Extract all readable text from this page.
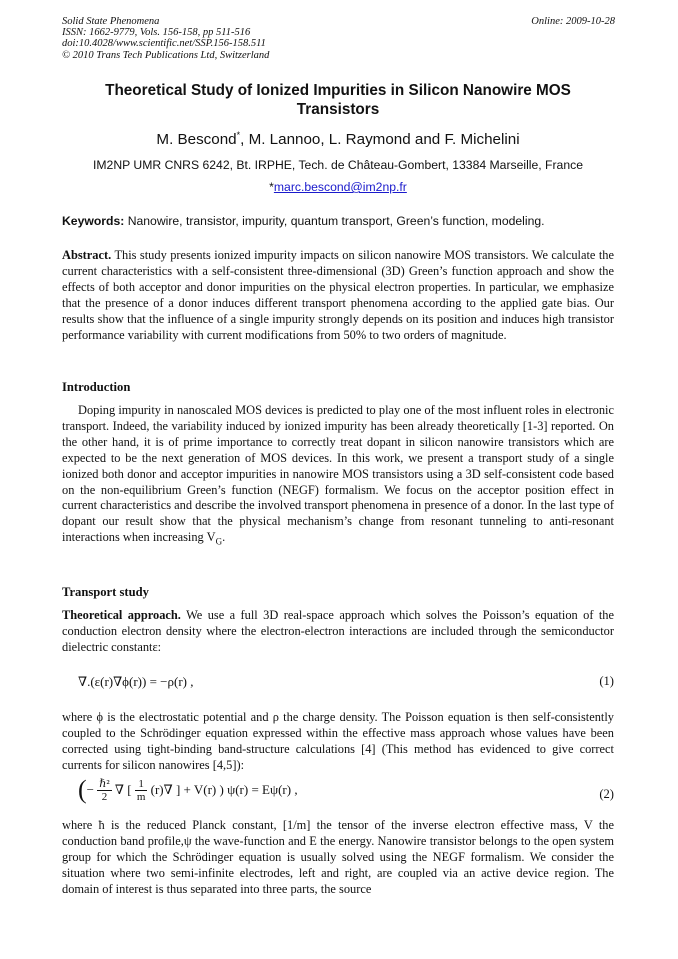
Solid State Phenomena
ISSN: 1662-9779, Vols. 156-158, pp 511-516
doi:10.4028/www.scientific.net/SSP.156-158.511
© 2010 Trans Tech Publications Ltd, Switzerland
Online: 2009-10-28
Theoretical Study of Ionized Impurities in Silicon Nanowire MOS
Transistors
M. Bescond*, M. Lannoo, L. Raymond and F. Michelini
IM2NP UMR CNRS 6242, Bt. IRPHE, Tech. de Château-Gombert, 13384 Marseille, France
*marc.bescond@im2np.fr
Keywords: Nanowire, transistor, impurity, quantum transport, Green’s function, modeling.
Abstract. This study presents ionized impurity impacts on silicon nanowire MOS transistors. We calculate the current characteristics with a self-consistent three-dimensional (3D) Green’s function approach and show the effects of both acceptor and donor impurities on the physical electron properties. In particular, we emphasize that the presence of a donor induces different transport phenomena according to the applied gate bias. Our results show that the influence of a single impurity strongly depends on its position and induces high transistor performance variability with current modifications from 50% to two orders of magnitude.
Introduction
Doping impurity in nanoscaled MOS devices is predicted to play one of the most influent roles in electronic transport. Indeed, the variability induced by ionized impurity has been already theoretically [1-3] reported. On the other hand, it is of prime importance to correctly treat dopant in silicon nanowire transistors which are expected to be the next generation of MOS devices. In this work, we present a transport study of a single ionized both donor and acceptor impurities in nanowire MOS transistors using a 3D self-consistent code based on the non-equilibrium Green’s function (NEGF) formalism. We focus on the acceptor position effect in current characteristics and describe the involved transport phenomena in presence of a donor. In the last type of dopant our result show that the physical mechanism’s change from resonant tunneling to anti-resonant interactions when increasing $V_G$.
Transport study
Theoretical approach. We use a full 3D real-space approach which solves the Poisson’s equation of the conduction electron density where the electron-electron interactions are included through the semiconductor dielectric constantε:
∇.(ε(r)∇ϕ(r)) = −ρ(r) ,	(1)
where ϕ is the electrostatic potential and ρ the charge density. The Poisson equation is then self-consistently coupled to the Schrödinger equation expressed within the effective mass approach whose values have been corrected using tight-binding band-structure calculations [4] (This method has evidenced to give correct currents for silicon nanowires [4,5]):
(− $\frac{\text{ℏ²}}{2}$ ∇ [ $\frac{1}{m} (r)\nabla$ ] + V(r) ) ψ(r) = Eψ(r) ,	(2)
where ħ is the reduced Planck constant, [1/m] the tensor of the inverse electron effective mass, V the conduction band profile,ψ the wave-function and E the energy. Nanowire transistor belongs to the open system group for which the Schrödinger equation is usually solved using the NEGF formalism. We consider the situation where two semi-infinite electrodes, left and right, are coupled via an active device region. The domain of interest is thus separated into three parts, the source
